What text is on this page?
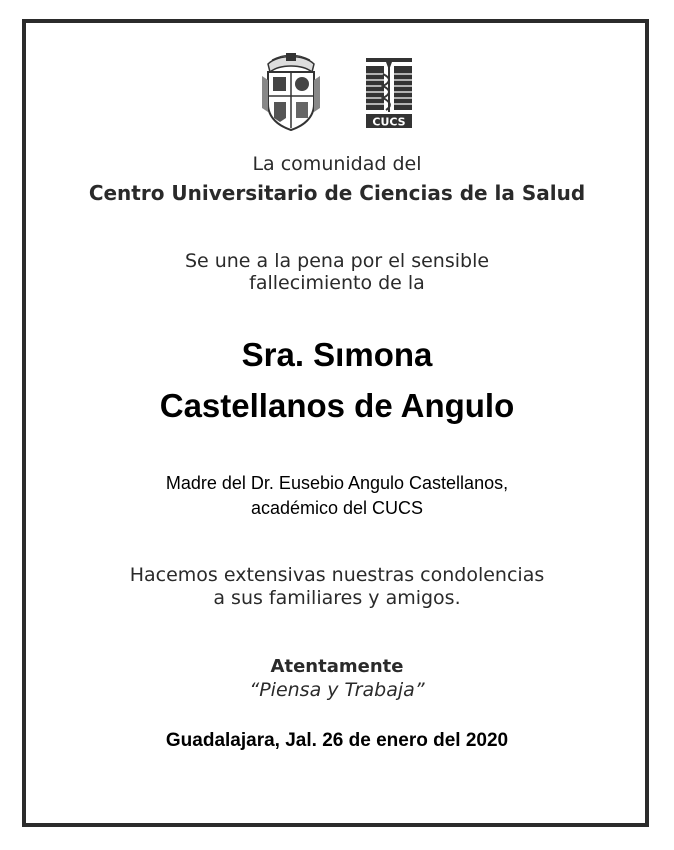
CUCS
La comunidad del
Centro Universitario de Ciencias de la Salud
Se une a la pena por el sensible
fallecimiento de la
Sra. Sımona
Castellanos de Angulo
Madre del Dr. Eusebio Angulo Castellanos,
académico del CUCS
Hacemos extensivas nuestras condolencias
a sus familiares y amigos.
Atentamente
“Piensa y Trabaja”
Guadalajara, Jal. 26 de enero del 2020
